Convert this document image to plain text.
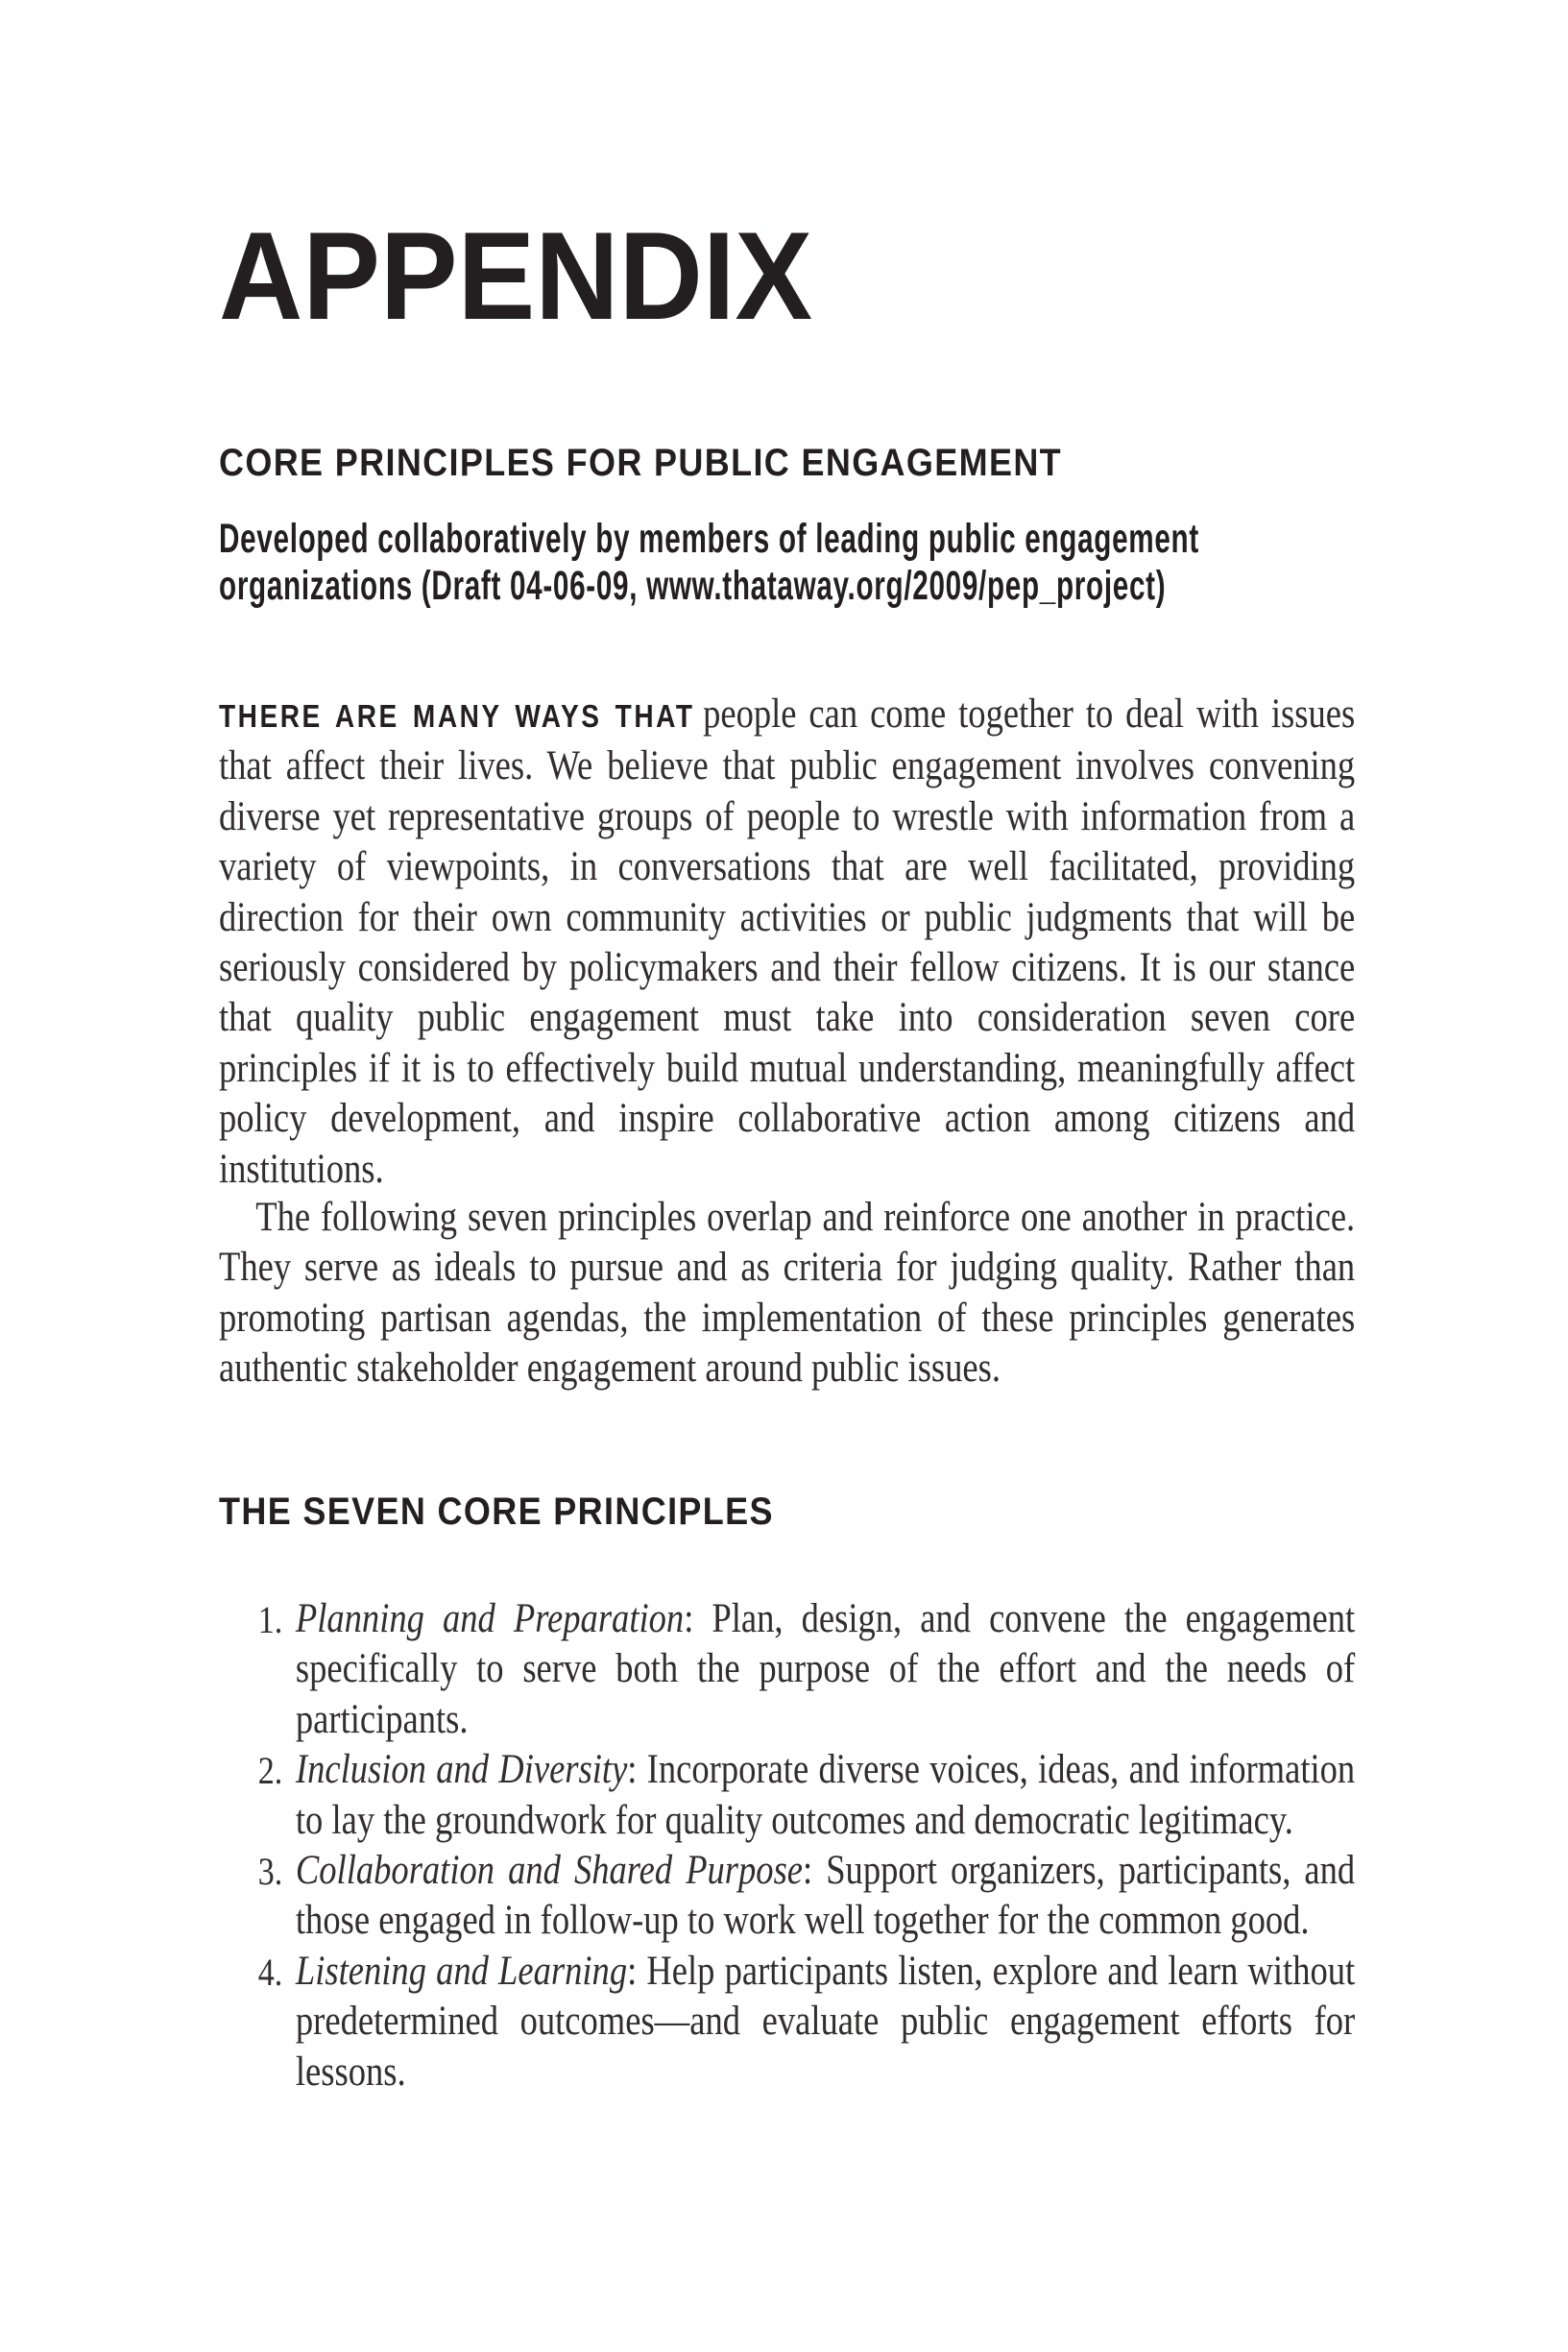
APPENDIX
CORE PRINCIPLES FOR PUBLIC ENGAGEMENT
Developed collaboratively by members of leading public engagement
organizations (Draft 04-06-09, www.thataway.org/2009/pep_project)
THERE ARE MANY WAYS THAT people can come together to deal with issues that affect their lives. We believe that public engagement involves convening diverse yet representative groups of people to wrestle with information from a variety of viewpoints, in conversations that are well facilitated, providing direction for their own community activities or public judgments that will be seriously considered by policymakers and their fellow citizens. It is our stance that quality public engagement must take into consideration seven core principles if it is to effectively build mutual understanding, meaningfully affect policy development, and inspire collaborative action among citizens and institutions.
The following seven principles overlap and reinforce one another in practice. They serve as ideals to pursue and as criteria for judging quality. Rather than promoting partisan agendas, the implementation of these principles generates authentic stakeholder engagement around public issues.
THE SEVEN CORE PRINCIPLES
1. Planning and Preparation: Plan, design, and convene the engagement specifically to serve both the purpose of the effort and the needs of participants.
2. Inclusion and Diversity: Incorporate diverse voices, ideas, and information to lay the groundwork for quality outcomes and democratic legitimacy.
3. Collaboration and Shared Purpose: Support organizers, participants, and those engaged in follow-up to work well together for the common good.
4. Listening and Learning: Help participants listen, explore and learn without predetermined outcomes—and evaluate public engagement efforts for lessons.
